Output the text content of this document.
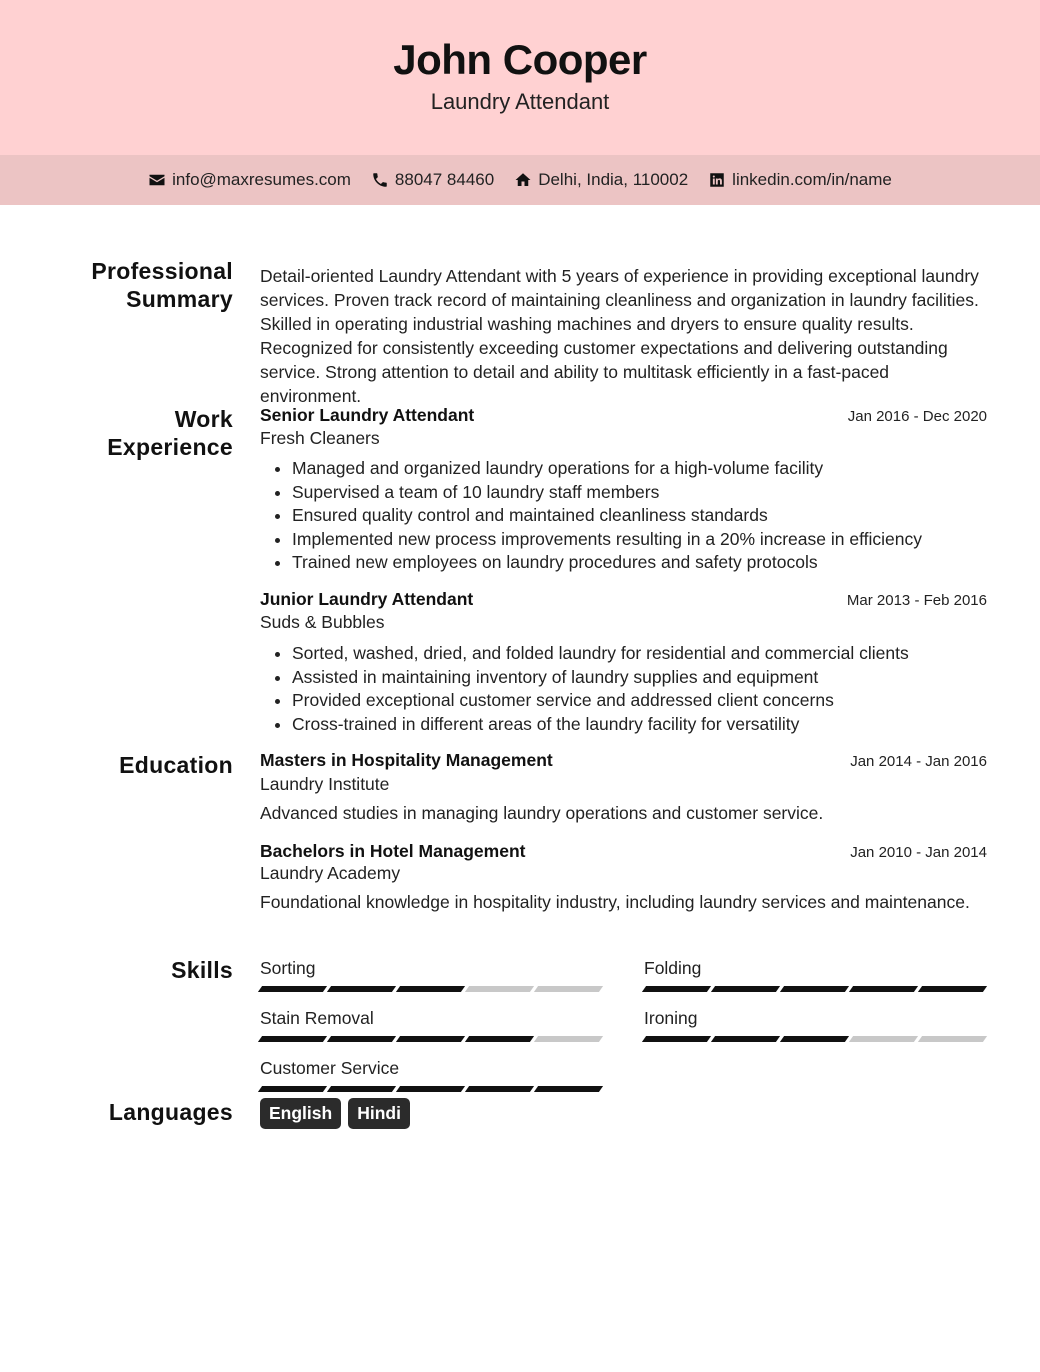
John Cooper
Laundry Attendant
info@maxresumes.com	88047 84460	Delhi, India, 110002	linkedin.com/in/name
Professional
Summary
Detail-oriented Laundry Attendant with 5 years of experience in providing exceptional laundry services. Proven track record of maintaining cleanliness and organization in laundry facilities. Skilled in operating industrial washing machines and dryers to ensure quality results. Recognized for consistently exceeding customer expectations and delivering outstanding service. Strong attention to detail and ability to multitask efficiently in a fast-paced environment.
Work
Experience
Senior Laundry Attendant	Jan 2016 - Dec 2020
Fresh Cleaners
• Managed and organized laundry operations for a high-volume facility
• Supervised a team of 10 laundry staff members
• Ensured quality control and maintained cleanliness standards
• Implemented new process improvements resulting in a 20% increase in efficiency
• Trained new employees on laundry procedures and safety protocols
Junior Laundry Attendant	Mar 2013 - Feb 2016
Suds & Bubbles
• Sorted, washed, dried, and folded laundry for residential and commercial clients
• Assisted in maintaining inventory of laundry supplies and equipment
• Provided exceptional customer service and addressed client concerns
• Cross-trained in different areas of the laundry facility for versatility
Education Masters in Hospitality Management	Jan 2014 - Jan 2016
Laundry Institute
Advanced studies in managing laundry operations and customer service.
Bachelors in Hotel Management	Jan 2010 - Jan 2014
Laundry Academy
Foundational knowledge in hospitality industry, including laundry services and maintenance.
Skills Sorting	Folding
Stain Removal	Ironing
Customer Service
Languages	English	Hindi
